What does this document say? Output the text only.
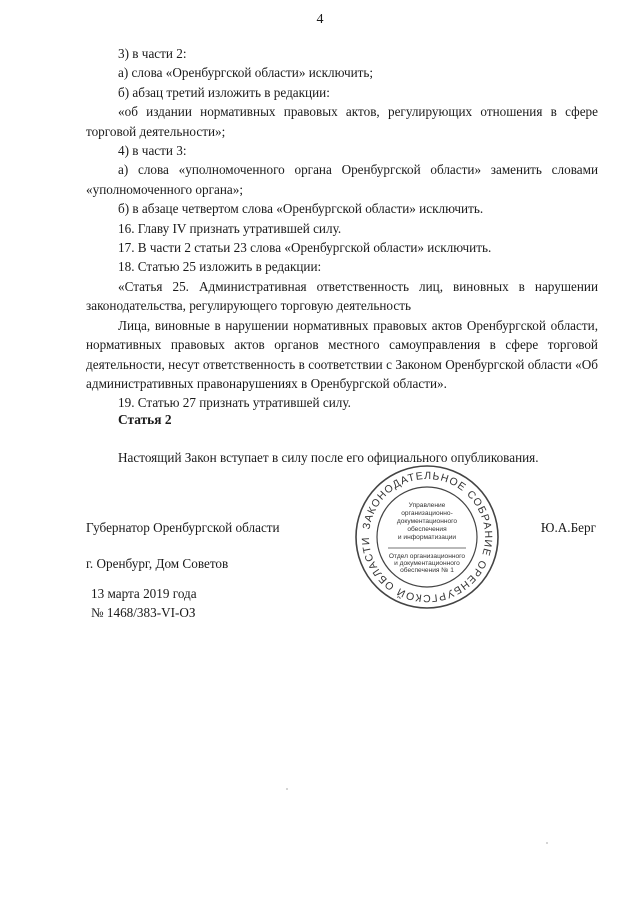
4

3) в части 2:

а) слова «Оренбургской области» исключить;

б) абзац третий изложить в редакции:

«об издании нормативных правовых актов, регулирующих отношения в сфере торговой деятельности»;

4) в части 3:

а) слова «уполномоченного органа Оренбургской области» заменить словами «уполномоченного органа»;

б) в абзаце четвертом слова «Оренбургской области» исключить.

16. Главу IV признать утратившей силу.

17. В части 2 статьи 23 слова «Оренбургской области» исключить.

18. Статью 25 изложить в редакции:

«Статья 25. Административная ответственность лиц, виновных в нарушении законодательства, регулирующего торговую деятельность

Лица, виновные в нарушении нормативных правовых актов Оренбургской области, нормативных правовых актов органов местного самоуправления в сфере торговой деятельности, несут ответственность в соответствии с Законом Оренбургской области «Об административных правонарушениях в Оренбургской области».

19. Статью 27 признать утратившей силу.

Статья 2
Настоящий Закон вступает в силу после его официального опубликования.
Губернатор Оренбургской области	Ю.А.Берг
г. Оренбург, Дом Советов
13 марта 2019 года
№ 1468/383-VI-ОЗ
ЗАКОНОДАТЕЛЬНОЕ СОБРАНИЕ ОРЕНБУРГСКОЙ ОБЛАСТИ
Управление
организационно-
документационного
обеспечения
и информатизации
Отдел организационного
и документационного
обеспечения № 1
